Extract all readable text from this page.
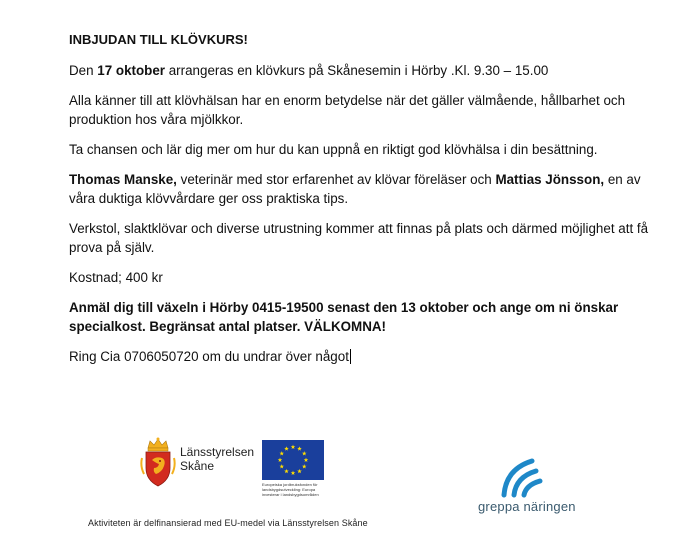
INBJUDAN TILL KLÖVKURS!

Den 17 oktober arrangeras en klövkurs på Skånesemin i Hörby .Kl. 9.30 – 15.00

Alla känner till att klövhälsan har en enorm betydelse när det gäller välmående, hållbarhet och produktion hos våra mjölkkor.

Ta chansen och lär dig mer om hur du kan uppnå en riktigt god klövhälsa i din besättning.

Thomas Manske, veterinär med stor erfarenhet av klövar föreläser och Mattias Jönsson, en av våra duktiga klövvårdare ger oss praktiska tips.

Verkstol, slaktklövar och diverse utrustning kommer att finnas på plats och därmed möjlighet att få prova på själv.

Kostnad; 400 kr

Anmäl dig till växeln i Hörby 0415-19500 senast den 13 oktober och ange om ni önskar specialkost. Begränsat antal platser. VÄLKOMNA!

Ring Cia 0706050720 om du undrar över något

Länsstyrelsen
Skåne
Europeiska jordbruksfonden för landsbygdsutveckling: Europa investerar i landsbygdsområden
greppa näringen
Aktiviteten är delfinansierad med EU-medel via Länsstyrelsen Skåne
